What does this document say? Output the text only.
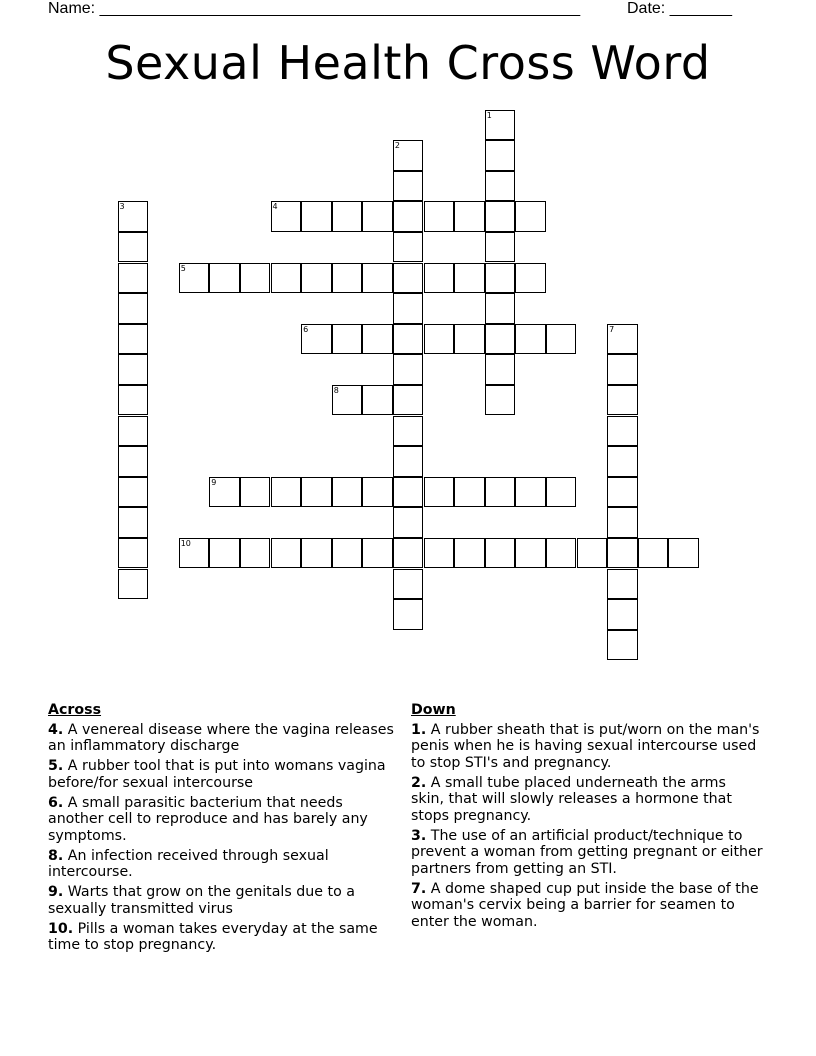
Name: ______________________________________________________	Date: _______
Sexual Health Cross Word
1
2
3	4
5
6	7
8
9
10
Across
4. A venereal disease where the vagina releases an inflammatory discharge
5. A rubber tool that is put into womans vagina before/for sexual intercourse
6. A small parasitic bacterium that needs another cell to reproduce and has barely any symptoms.
8. An infection received through sexual intercourse.
9. Warts that grow on the genitals due to a sexually transmitted virus
10. Pills a woman takes everyday at the same time to stop pregnancy.
Down
1. A rubber sheath that is put/worn on the man's penis when he is having sexual intercourse used to stop STI's and pregnancy.
2. A small tube placed underneath the arms skin, that will slowly releases a hormone that stops pregnancy.
3. The use of an artificial product/technique to prevent a woman from getting pregnant or either partners from getting an STI.
7. A dome shaped cup put inside the base of the woman's cervix being a barrier for seamen to enter the woman.
